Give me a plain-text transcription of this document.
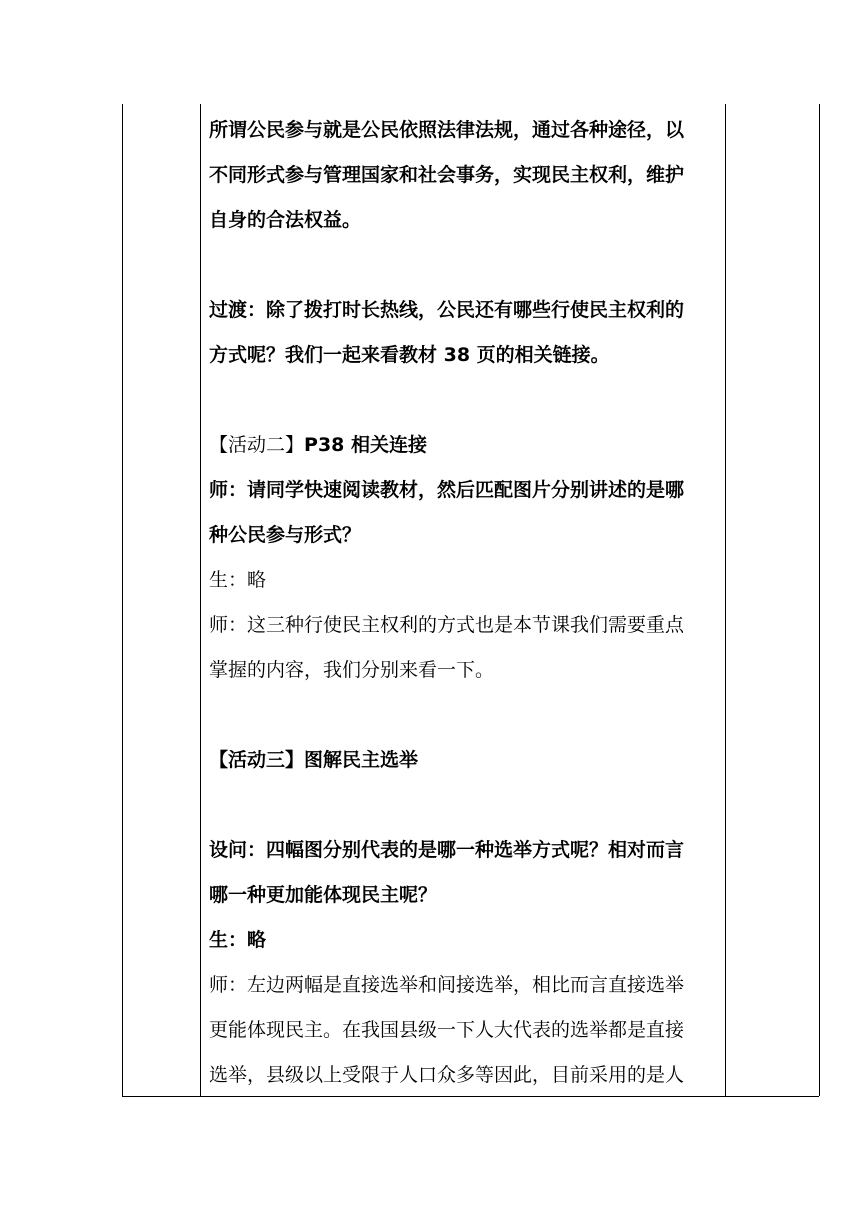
所谓公民参与就是公民依照法律法规，通过各种途径，以

不同形式参与管理国家和社会事务，实现民主权利，维护

自身的合法权益。

过渡：除了拨打时长热线，公民还有哪些行使民主权利的

方式呢？我们一起来看教材 38 页的相关链接。

【活动二】P38 相关连接

师：请同学快速阅读教材，然后匹配图片分别讲述的是哪

种公民参与形式？

生：略

师：这三种行使民主权利的方式也是本节课我们需要重点

掌握的内容，我们分别来看一下。

【活动三】图解民主选举

设问：四幅图分别代表的是哪一种选举方式呢？相对而言

哪一种更加能体现民主呢？

生：略

师：左边两幅是直接选举和间接选举，相比而言直接选举

更能体现民主。在我国县级一下人大代表的选举都是直接

选举，县级以上受限于人口众多等因此，目前采用的是人
